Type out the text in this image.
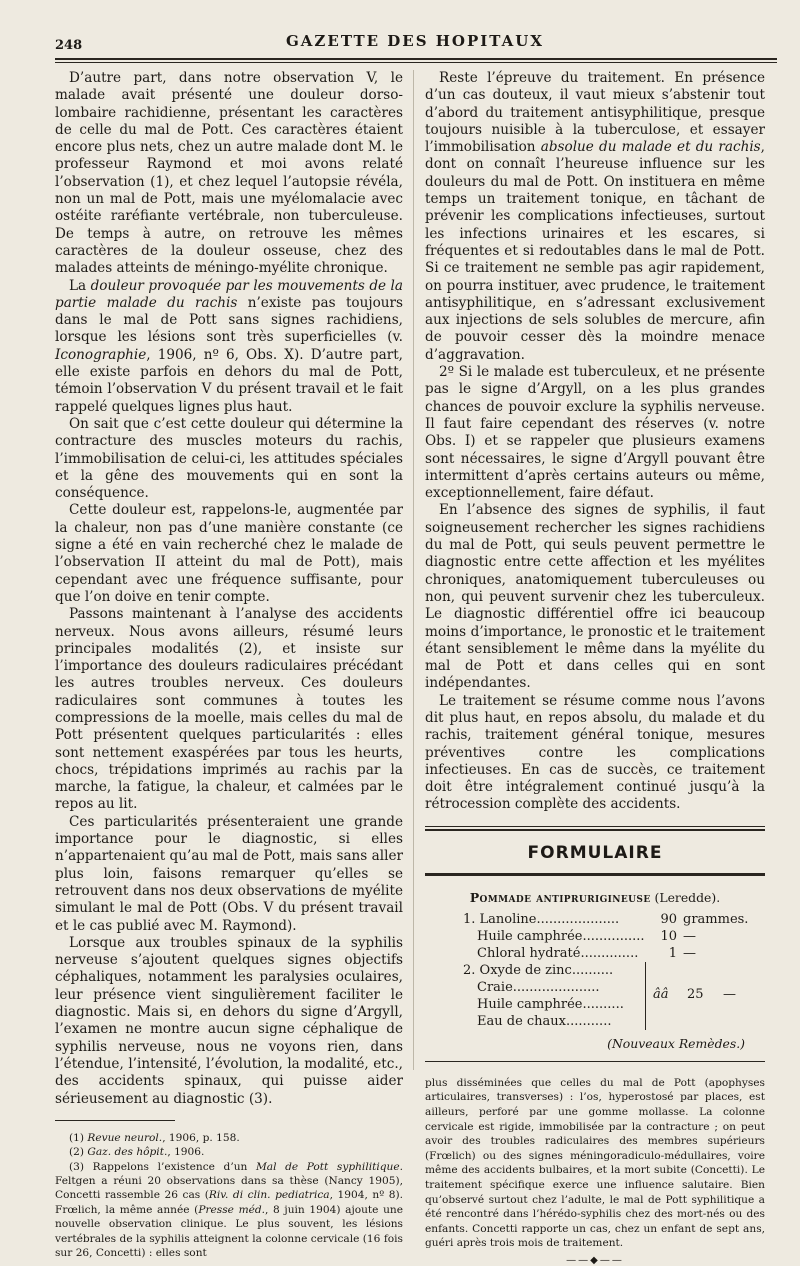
248	GAZETTE DES HOPITAUX

D’autre part, dans notre observation V, le malade avait présenté une douleur dorso-lombaire rachidienne, présentant les caractères de celle du mal de Pott. Ces caractères étaient encore plus nets, chez un autre malade dont M. le professeur Raymond et moi avons relaté l’observation (1), et chez lequel l’autopsie révéla, non un mal de Pott, mais une myélomalacie avec ostéite raréfiante vertébrale, non tuberculeuse. De temps à autre, on retrouve les mêmes caractères de la douleur osseuse, chez des malades atteints de méningo-myélite chronique.

La douleur provoquée par les mouvements de la partie malade du rachis n’existe pas toujours dans le mal de Pott sans signes rachidiens, lorsque les lésions sont très superficielles (v. Iconographie, 1906, nº 6, Obs. X). D’autre part, elle existe parfois en dehors du mal de Pott, témoin l’observation V du présent travail et le fait rappelé quelques lignes plus haut.

On sait que c’est cette douleur qui détermine la contracture des muscles moteurs du rachis, l’immobilisation de celui-ci, les attitudes spéciales et la gêne des mouvements qui en sont la conséquence.

Cette douleur est, rappelons-le, augmentée par la chaleur, non pas d’une manière constante (ce signe a été en vain recherché chez le malade de l’observation II atteint du mal de Pott), mais cependant avec une fréquence suffisante, pour que l’on doive en tenir compte.

Passons maintenant à l’analyse des accidents nerveux. Nous avons ailleurs, résumé leurs principales modalités (2), et insiste sur l’importance des douleurs radiculaires précédant les autres troubles nerveux. Ces douleurs radiculaires sont communes à toutes les compressions de la moelle, mais celles du mal de Pott présentent quelques particularités : elles sont nettement exaspérées par tous les heurts, chocs, trépidations imprimés au rachis par la marche, la fatigue, la chaleur, et calmées par le repos au lit.

Ces particularités présenteraient une grande importance pour le diagnostic, si elles n’appartenaient qu’au mal de Pott, mais sans aller plus loin, faisons remarquer qu’elles se retrouvent dans nos deux observations de myélite simulant le mal de Pott (Obs. V du présent travail et le cas publié avec M. Raymond).

Lorsque aux troubles spinaux de la syphilis nerveuse s’ajoutent quelques signes objectifs céphaliques, notamment les paralysies oculaires, leur présence vient singulièrement faciliter le diagnostic. Mais si, en dehors du signe d’Argyll, l’examen ne montre aucun signe céphalique de syphilis nerveuse, nous ne voyons rien, dans l’étendue, l’intensité, l’évolution, la modalité, etc., des accidents spinaux, qui puisse aider sérieusement au diagnostic (3).

(1) Revue neurol., 1906, p. 158.

(2) Gaz. des hôpit., 1906.

(3) Rappelons l’existence d’un Mal de Pott syphilitique. Feltgen a réuni 20 observations dans sa thèse (Nancy 1905), Concetti rassemble 26 cas (Riv. di clin. pediatrica, 1904, nº 8). Frœlich, la même année (Presse méd., 8 juin 1904) ajoute une nouvelle observation clinique. Le plus souvent, les lésions vertébrales de la syphilis atteignent la colonne cervicale (16 fois sur 26, Concetti) : elles sont

Reste l’épreuve du traitement. En présence d’un cas douteux, il vaut mieux s’abstenir tout d’abord du traitement antisyphilitique, presque toujours nuisible à la tuberculose, et essayer l’immobilisation absolue du malade et du rachis, dont on connaît l’heureuse influence sur les douleurs du mal de Pott. On instituera en même temps un traitement tonique, en tâchant de prévenir les complications infectieuses, surtout les infections urinaires et les escares, si fréquentes et si redoutables dans le mal de Pott. Si ce traitement ne semble pas agir rapidement, on pourra instituer, avec prudence, le traitement antisyphilitique, en s’adressant exclusivement aux injections de sels solubles de mercure, afin de pouvoir cesser dès la moindre menace d’aggravation.

2º Si le malade est tuberculeux, et ne présente pas le signe d’Argyll, on a les plus grandes chances de pouvoir exclure la syphilis nerveuse. Il faut faire cependant des réserves (v. notre Obs. I) et se rappeler que plusieurs examens sont nécessaires, le signe d’Argyll pouvant être intermittent d’après certains auteurs ou même, exceptionnellement, faire défaut.

En l’absence des signes de syphilis, il faut soigneusement rechercher les signes rachidiens du mal de Pott, qui seuls peuvent permettre le diagnostic entre cette affection et les myélites chroniques, anatomiquement tuberculeuses ou non, qui peuvent survenir chez les tuberculeux. Le diagnostic différentiel offre ici beaucoup moins d’importance, le pronostic et le traitement étant sensiblement le même dans la myélite du mal de Pott et dans celles qui en sont indépendantes.

Le traitement se résume comme nous l’avons dit plus haut, en repos absolu, du malade et du rachis, traitement général tonique, mesures préventives contre les complications infectieuses. En cas de succès, ce traitement doit être intégralement continué jusqu’à la rétrocession complète des accidents.

FORMULAIRE
Pommade antiprurigineuse (Leredde).
1. Lanoline....................	90 grammes.
Huile camphrée...............	10 —
Chloral hydraté..............	1 —
2. Oxyde de zinc..........
Craie.....................
Huile camphrée..........
Eau de chaux...........
ââ 25 —
(Nouveaux Remèdes.)

plus disséminées que celles du mal de Pott (apophyses articulaires, transverses) : l’os, hyperostosé par places, est ailleurs, perforé par une gomme mollasse. La colonne cervicale est rigide, immobilisée par la contracture ; on peut avoir des troubles radiculaires des membres supérieurs (Frœlich) ou des signes méningoradiculo-médullaires, voire même des accidents bulbaires, et la mort subite (Concetti). Le traitement spécifique exerce une influence salutaire. Bien qu’observé surtout chez l’adulte, le mal de Pott syphilitique a été rencontré dans l’hérédo-syphilis chez des mort-nés ou des enfants. Concetti rapporte un cas, chez un enfant de sept ans, guéri après trois mois de traitement.

——◆——
